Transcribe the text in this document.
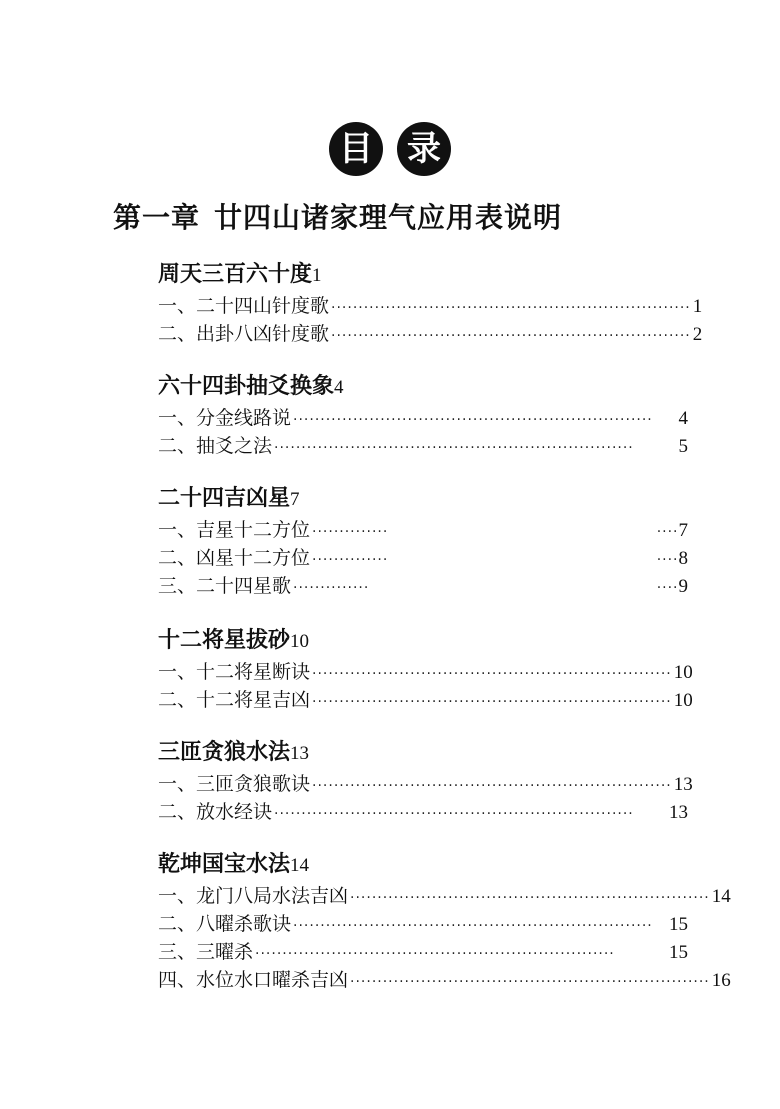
目 录
第一章 廿四山诸家理气应用表说明
周天三百六十度1
一、 二十四山针度歌 ·································································· 1
二、 出卦八凶针度歌 ·································································· 2
六十四卦抽爻换象4
一、 分金线路说 ··································································	4
二、 抽爻之法 ··································································	5
二十四吉凶星7
一、 吉星十二方位 ··············	···· 7
二、 凶星十二方位 ··············	···· 8
三、 二十四星歌 ··············	···· 9
十二将星拔砂10
一、 十二将星断诀 ·································································· 10
二、 十二将星吉凶 ·································································· 10
三匝贪狼水法13
一、 三匝贪狼歌诀 ·································································· 13
二、 放水经诀 ··································································	13
乾坤国宝水法14
一、 龙门八局水法吉凶 ·································································· 14
二、 八曜杀歌诀 ·································································· 15
三、 三曜杀 ··································································	15
四、 水位水口曜杀吉凶 ·································································· 16
